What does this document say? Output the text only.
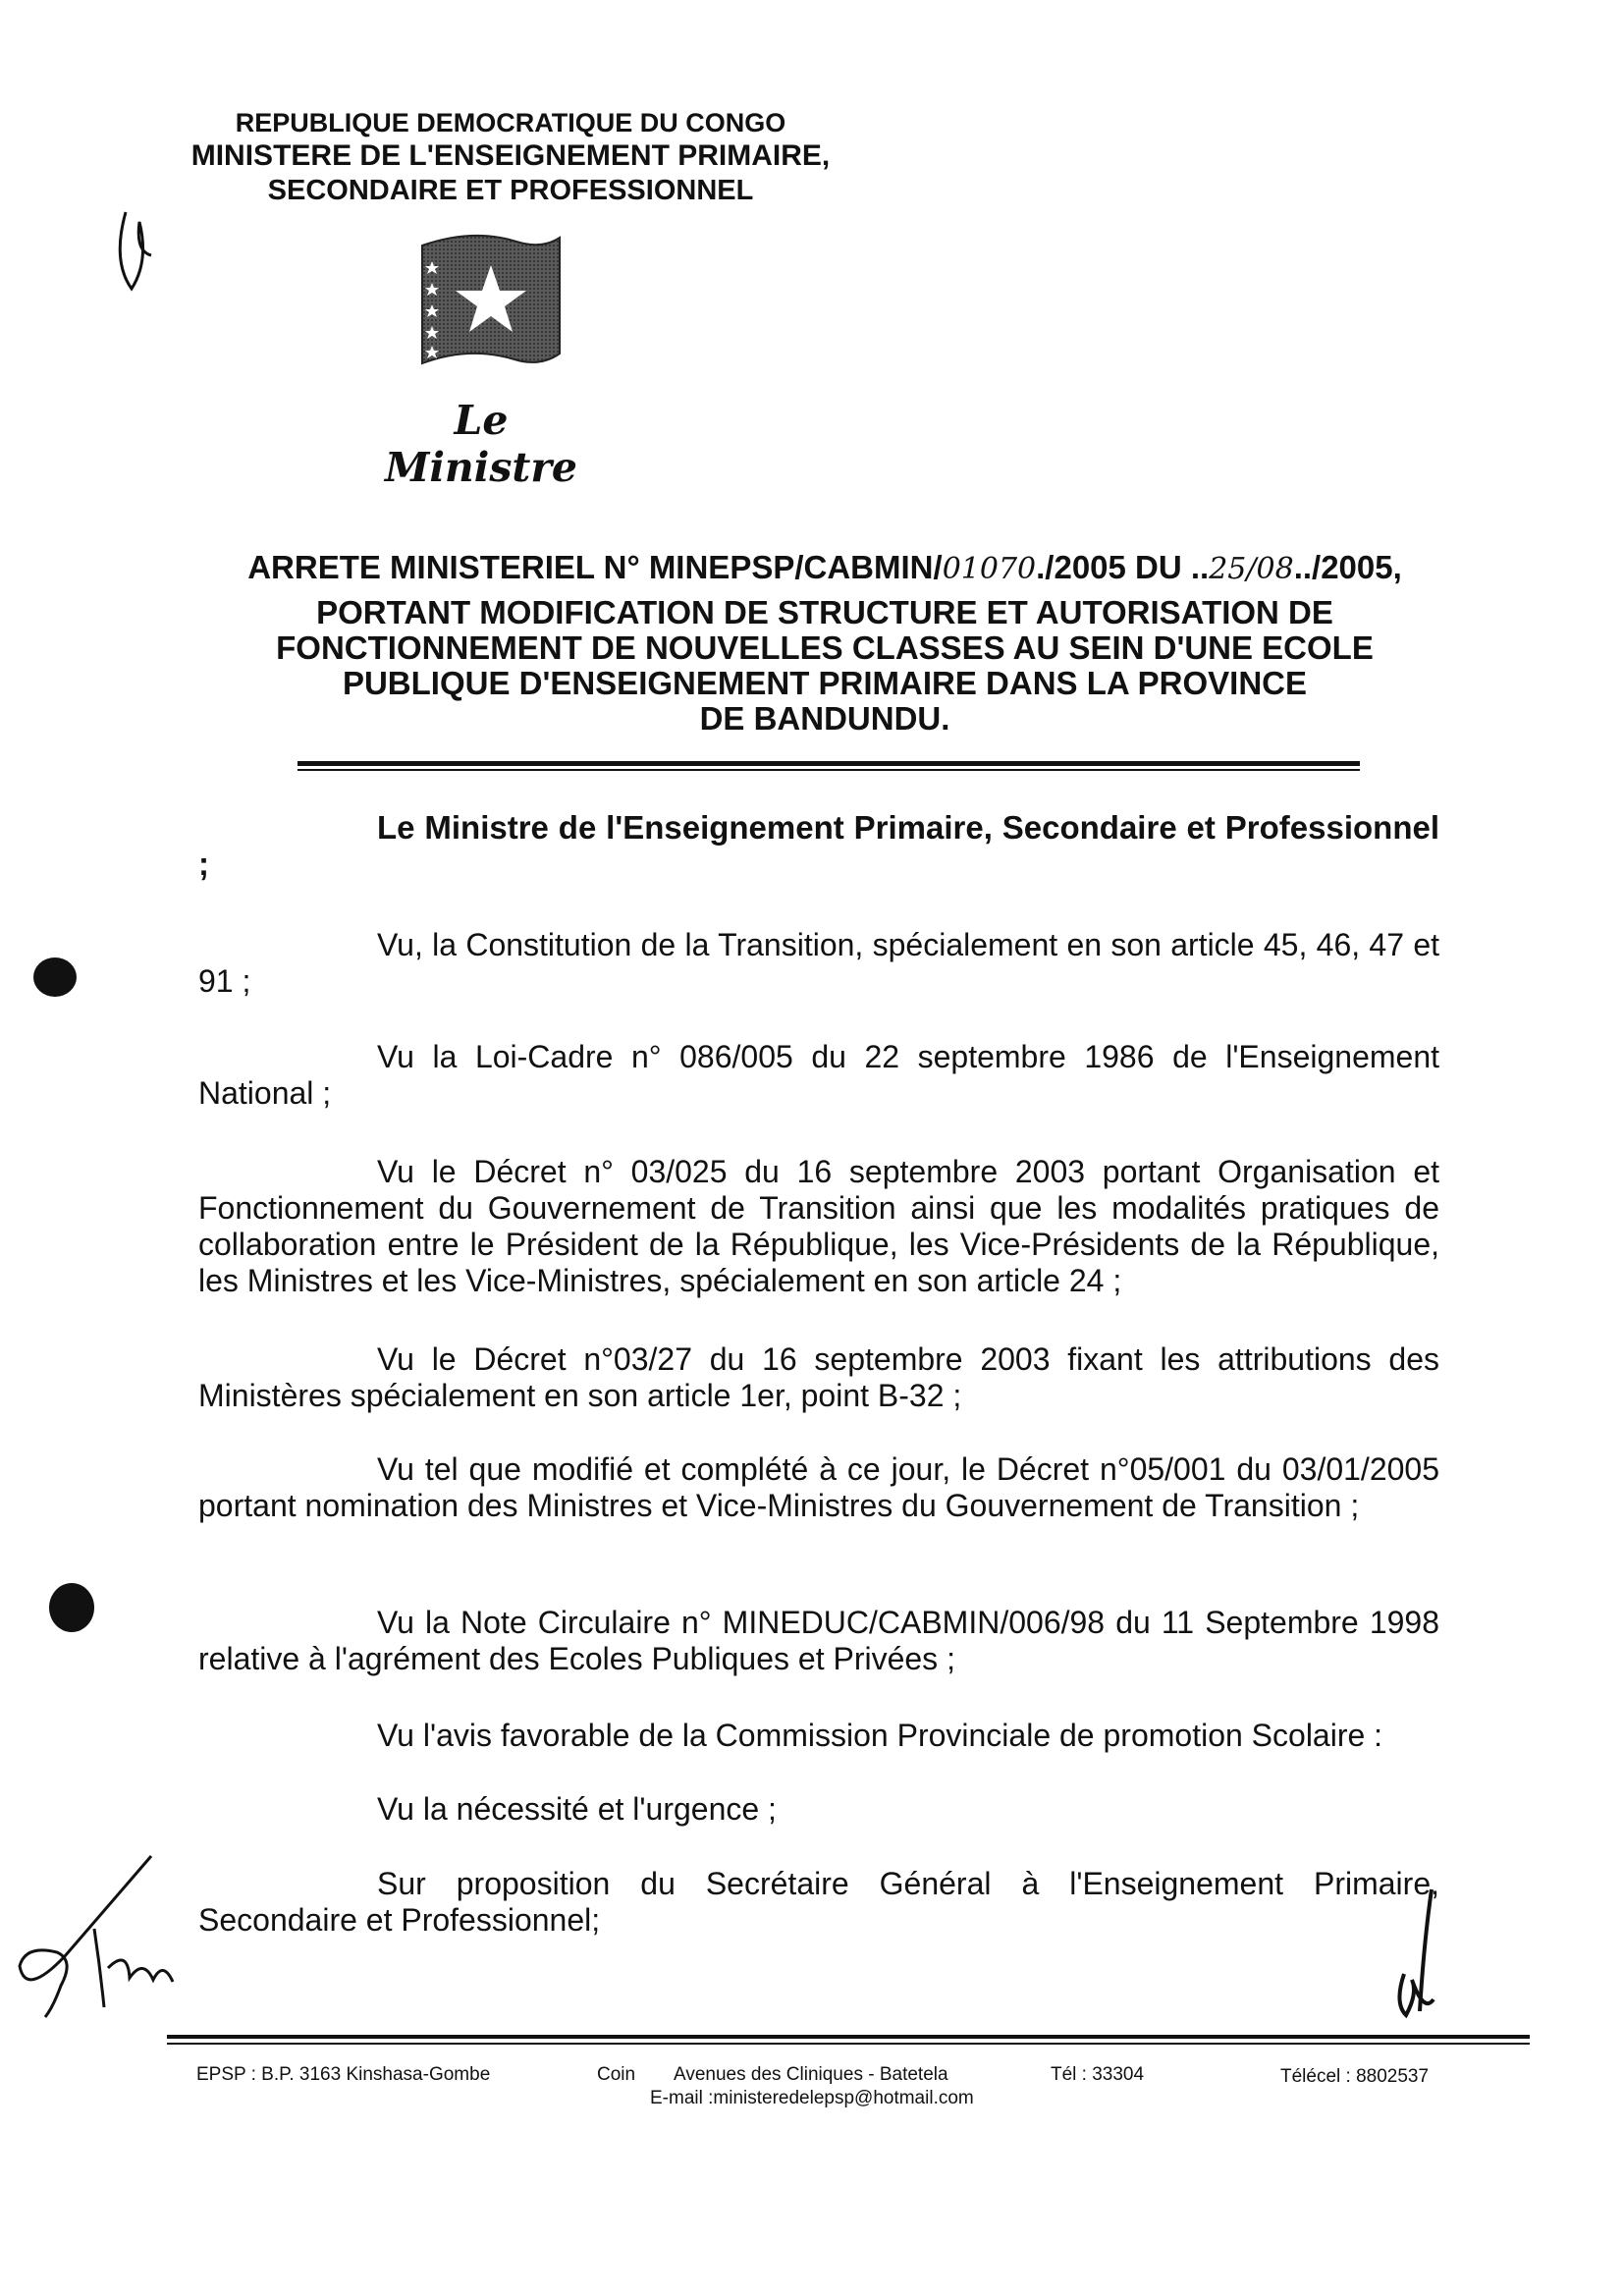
REPUBLIQUE DEMOCRATIQUE DU CONGO
MINISTERE DE L'ENSEIGNEMENT PRIMAIRE,
SECONDAIRE ET PROFESSIONNEL
Le Ministre
ARRETE MINISTERIEL N° MINEPSP/CABMIN/01070./2005 DU ..25/08../2005,
PORTANT MODIFICATION DE STRUCTURE ET AUTORISATION DE
FONCTIONNEMENT DE NOUVELLES CLASSES AU SEIN D'UNE ECOLE
PUBLIQUE D'ENSEIGNEMENT PRIMAIRE DANS LA PROVINCE
DE BANDUNDU.
Le Ministre de l'Enseignement Primaire, Secondaire et Professionnel ;
Vu, la Constitution de la Transition, spécialement en son article 45, 46, 47 et 91 ;
Vu la Loi-Cadre n° 086/005 du 22 septembre 1986 de l'Enseignement National ;
Vu le Décret n° 03/025 du 16 septembre 2003 portant Organisation et Fonctionnement du Gouvernement de Transition ainsi que les modalités pratiques de collaboration entre le Président de la République, les Vice-Présidents de la République, les Ministres et les Vice-Ministres, spécialement en son article 24 ;
Vu le Décret n°03/27 du 16 septembre 2003 fixant les attributions des Ministères spécialement en son article 1er, point B-32 ;
Vu tel que modifié et complété à ce jour, le Décret n°05/001 du 03/01/2005 portant nomination des Ministres et Vice-Ministres du Gouvernement de Transition ;
Vu la Note Circulaire n° MINEDUC/CABMIN/006/98 du 11 Septembre 1998 relative à l'agrément des Ecoles Publiques et Privées ;
Vu l'avis favorable de la Commission Provinciale de promotion Scolaire :
Vu la nécessité et l'urgence ;
Sur proposition du Secrétaire Général à l'Enseignement Primaire, Secondaire et Professionnel;
EPSP : B.P. 3163 Kinshasa-Gombe	Coin Avenues des Cliniques - Batetela	Tél : 33304	Télécel : 8802537
E-mail :ministeredelepsp@hotmail.com
